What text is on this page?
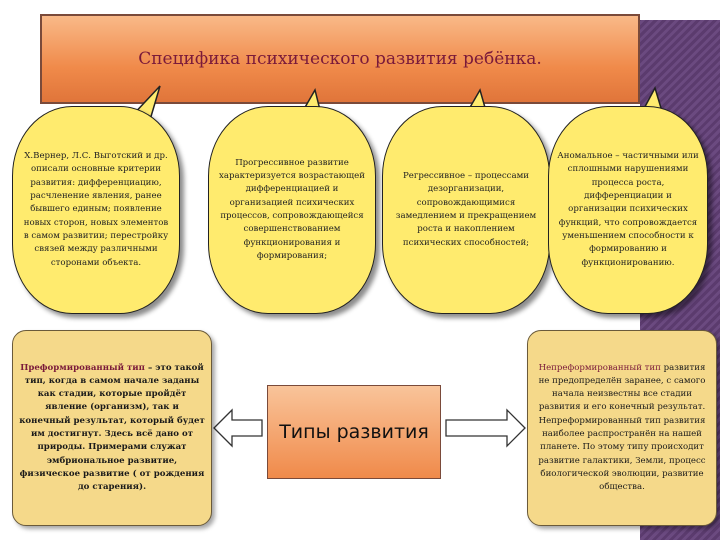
Специфика психического развития ребёнка.
Х.Вернер, Л.С. Выготский и др. описали основные критерии развития: дифференциацию, расчленение явления, ранее бывшего единым; появление новых сторон, новых элементов в самом развитии; перестройку связей между различными сторонами объекта.
Прогрессивное развитие характеризуется возрастающей дифференциацией и организацией психических процессов, сопровождающейся совершенствованием функционирования и формирования;
Регрессивное – процессами дезорганизации, сопровождающимися замедлением и прекращением роста и накоплением психических способностей;
Аномальное – частичными или сплошными нарушениями процесса роста, дифференциации и организации психических функций, что сопровождается уменьшением способности к формированию и функционированию.
Преформированный тип – это такой тип, когда в самом начале заданы как стадии, которые пройдёт явление (организм), так и конечный результат, который будет им достигнут. Здесь всё дано от природы. Примерами служат эмбриональное развитие, физическое развитие ( от рождения до старения).
Типы развития
Непреформированный тип развития не предопределён заранее, с самого начала неизвестны все стадии развития и его конечный результат. Непреформированный тип развития наиболее распространён на нашей планете. По этому типу происходит развитие галактики, Земли, процесс биологической эволюции, развитие общества.
